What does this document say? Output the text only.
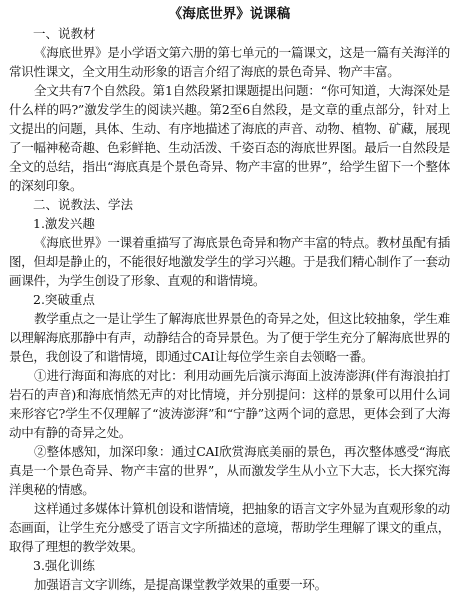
《海底世界》说课稿
一、说教材

《海底世界》是小学语文第六册的第七单元的一篇课文，这是一篇有关海洋的常识性课文，全文用生动形象的语言介绍了海底的景色奇异、物产丰富。

全文共有7个自然段。第1自然段紧扣课题提出问题：“你可知道，大海深处是什么样的吗?”激发学生的阅读兴趣。第2至6自然段，是文章的重点部分，针对上文提出的问题，具体、生动、有序地描述了海底的声音、动物、植物、矿藏，展现了一幅神秘奇趣、色彩鲜艳、生动活泼、千姿百态的海底世界图。最后一自然段是全文的总结，指出“海底真是个景色奇异、物产丰富的世界”，给学生留下一个整体的深刻印象。

二、说教法、学法
1.激发兴趣

《海底世界》一课着重描写了海底景色奇异和物产丰富的特点。教材虽配有插图，但却是静止的，不能很好地激发学生的学习兴趣。于是我们精心制作了一套动画课件，为学生创设了形象、直观的和谐情境。

2.突破重点

教学重点之一是让学生了解海底世界景色的奇异之处，但这比较抽象，学生难以理解海底那静中有声，动静结合的奇异景色。为了便于学生充分了解海底世界的景色，我创设了和谐情境，即通过CAI让每位学生亲自去领略一番。

①进行海面和海底的对比：利用动画先后演示海面上波涛澎湃(伴有海浪拍打岩石的声音)和海底悄然无声的对比情境，并分别提问：这样的景象可以用什么词来形容它?学生不仅理解了“波涛澎湃”和“宁静”这两个词的意思，更体会到了大海动中有静的奇异之处。

②整体感知，加深印象：通过CAI欣赏海底美丽的景色，再次整体感受“海底真是一个景色奇异、物产丰富的世界”，从而激发学生从小立下大志，长大探究海洋奥秘的情感。

这样通过多媒体计算机创设和谐情境，把抽象的语言文字外显为直观形象的动态画面，让学生充分感受了语言文字所描述的意境，帮助学生理解了课文的重点，取得了理想的教学效果。

3.强化训练

加强语言文字训练，是提高课堂教学效果的重要一环。
